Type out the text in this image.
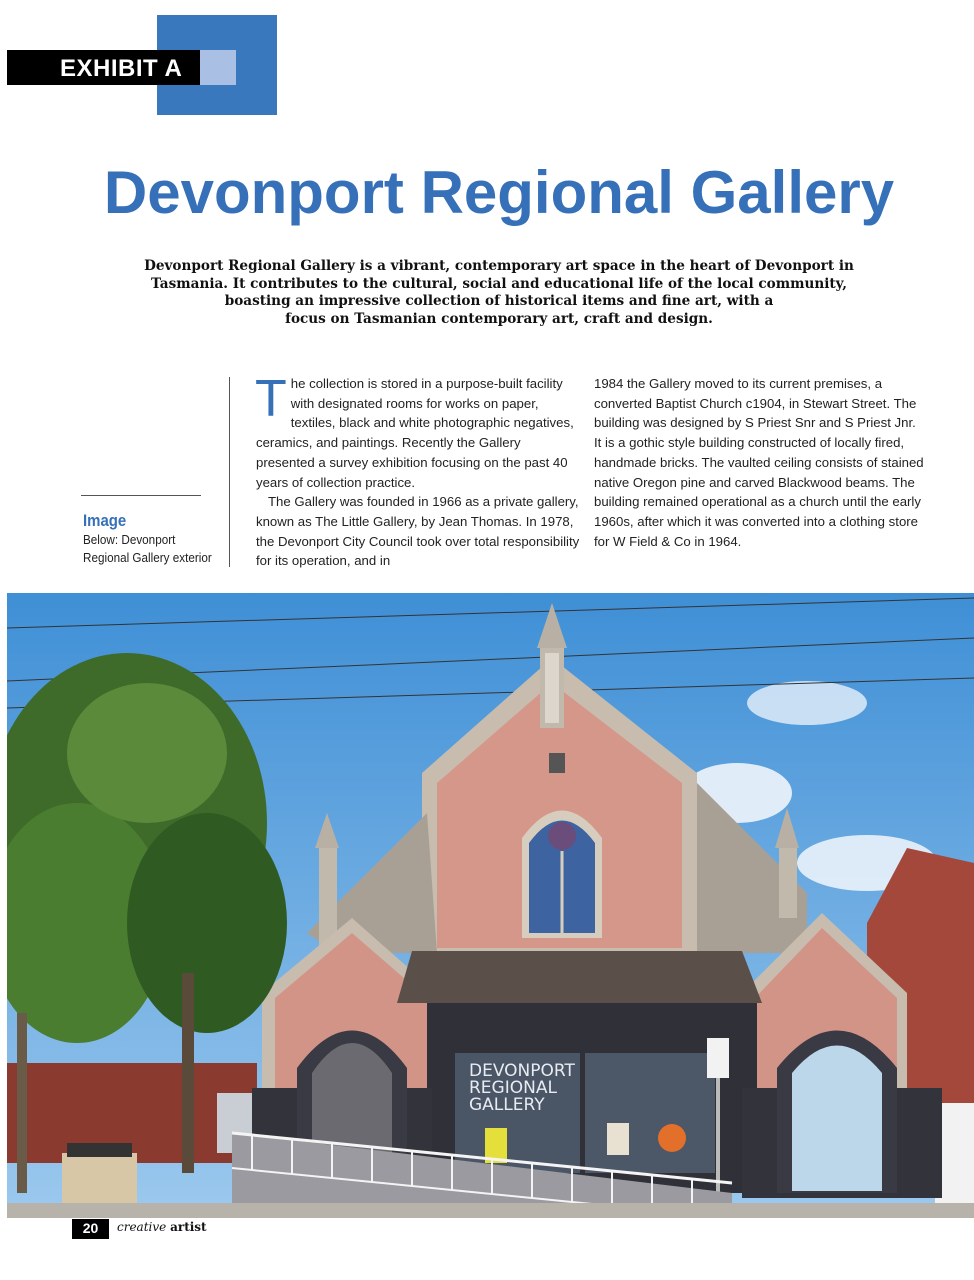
EXHIBIT A
Devonport Regional Gallery
Devonport Regional Gallery is a vibrant, contemporary art space in the heart of Devonport in
Tasmania. It contributes to the cultural, social and educational life of the local community,
boasting an impressive collection of historical items and fine art, with a
focus on Tasmanian contemporary art, craft and design.
Image
Below: Devonport Regional Gallery exterior

The collection is stored in a purpose-built facility with designated rooms for works on paper, textiles, black and white photographic negatives, ceramics, and paintings. Recently the Gallery presented a survey exhibition focusing on the past 40 years of collection practice.

The Gallery was founded in 1966 as a private gallery, known as The Little Gallery, by Jean Thomas. In 1978, the Devonport City Council took over total responsibility for its operation, and in

1984 the Gallery moved to its current premises, a converted Baptist Church c1904, in Stewart Street. The building was designed by S Priest Snr and S Priest Jnr. It is a gothic style building constructed of locally fired, handmade bricks. The vaulted ceiling consists of stained native Oregon pine and carved Blackwood beams. The building remained operational as a church until the early 1960s, after which it was converted into a clothing store for W Field & Co in 1964.

DEVONPORT
REGIONAL
GALLERY
20	creative artist
